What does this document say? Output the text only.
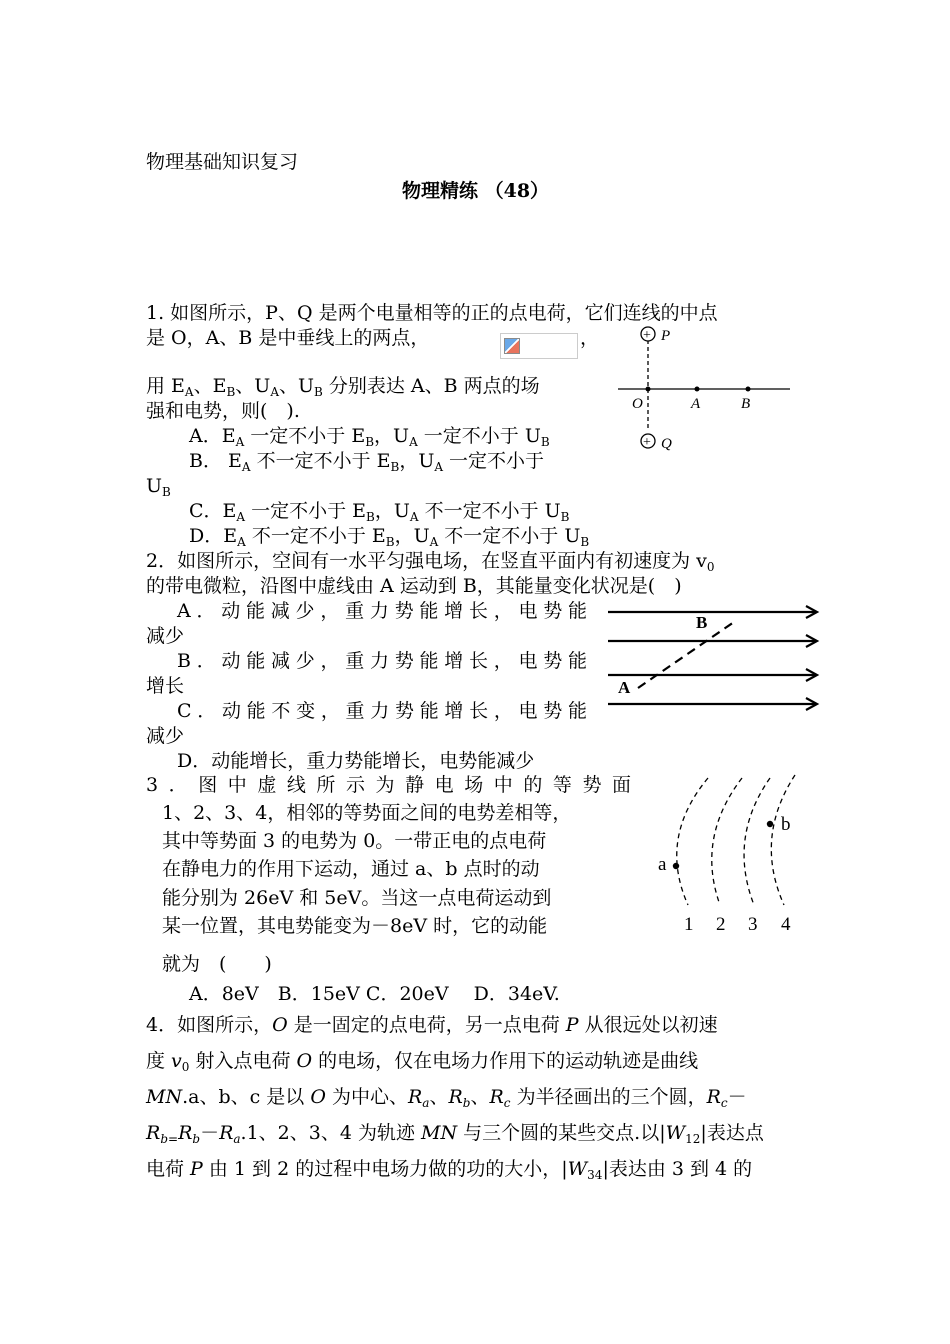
物理基础知识复习
物理精练 （48）
1. 如图所示，P、Q 是两个电量相等的正的点电荷，它们连线的中点
是 O，A、B 是中垂线上的两点，	，
用 $E_A$、$E_B$、$U_A$、$U_B$ 分别表达 A、B 两点的场
强和电势，则(　).
A．$E_A$ 一定不小于 $E_B$，$U_A$ 一定不小于 $U_B$
B． $E_A$ 不一定不小于 $E_B$，$U_A$ 一定不小于
$U_B$
C．$E_A$ 一定不小于 $E_B$，$U_A$ 不一定不小于 $U_B$
D．$E_A$ 不一定不小于 $E_B$，$U_A$ 不一定不小于 $U_B$
+ P
+ Q
O	A	B
2．如图所示，空间有一水平匀强电场，在竖直平面内有初速度为 $v_0$
的带电微粒，沿图中虚线由 A 运动到 B，其能量变化状况是(　)
A．动能减少，重力势能增长，电势能
减少
B．动能减少，重力势能增长，电势能
增长
C．动能不变，重力势能增长，电势能
减少
D．动能增长，重力势能增长，电势能减少
B
A
3．图中虚线所示为静电场中的等势面
1、2、3、4，相邻的等势面之间的电势差相等，
其中等势面 3 的电势为 0。一带正电的点电荷
在静电力的作用下运动，通过 a、b 点时的动
能分别为 26eV 和 5eV。当这一点电荷运动到
某一位置，其电势能变为－8eV 时，它的动能
就为　(　　)
A．8eV　B．15eV C．20eV　 D．34eV.
a
b
1 2 3 4
4．如图所示，O 是一固定的点电荷，另一点电荷 P 从很远处以初速
度 $v_0$ 射入点电荷 O 的电场，仅在电场力作用下的运动轨迹是曲线
MN.a、b、c 是以 O 为中心、$R_a$、$R_b$、$R_c$ 为半径画出的三个圆，$R_c-$
$R_{b=}R_b-R_a.1$、2、3、4 为轨迹 MN 与三个圆的某些交点.以$|W_{12}|$表达点
电荷 P 由 1 到 2 的过程中电场力做的功的大小，$|W_{34}|$表达由 3 到 4 的
